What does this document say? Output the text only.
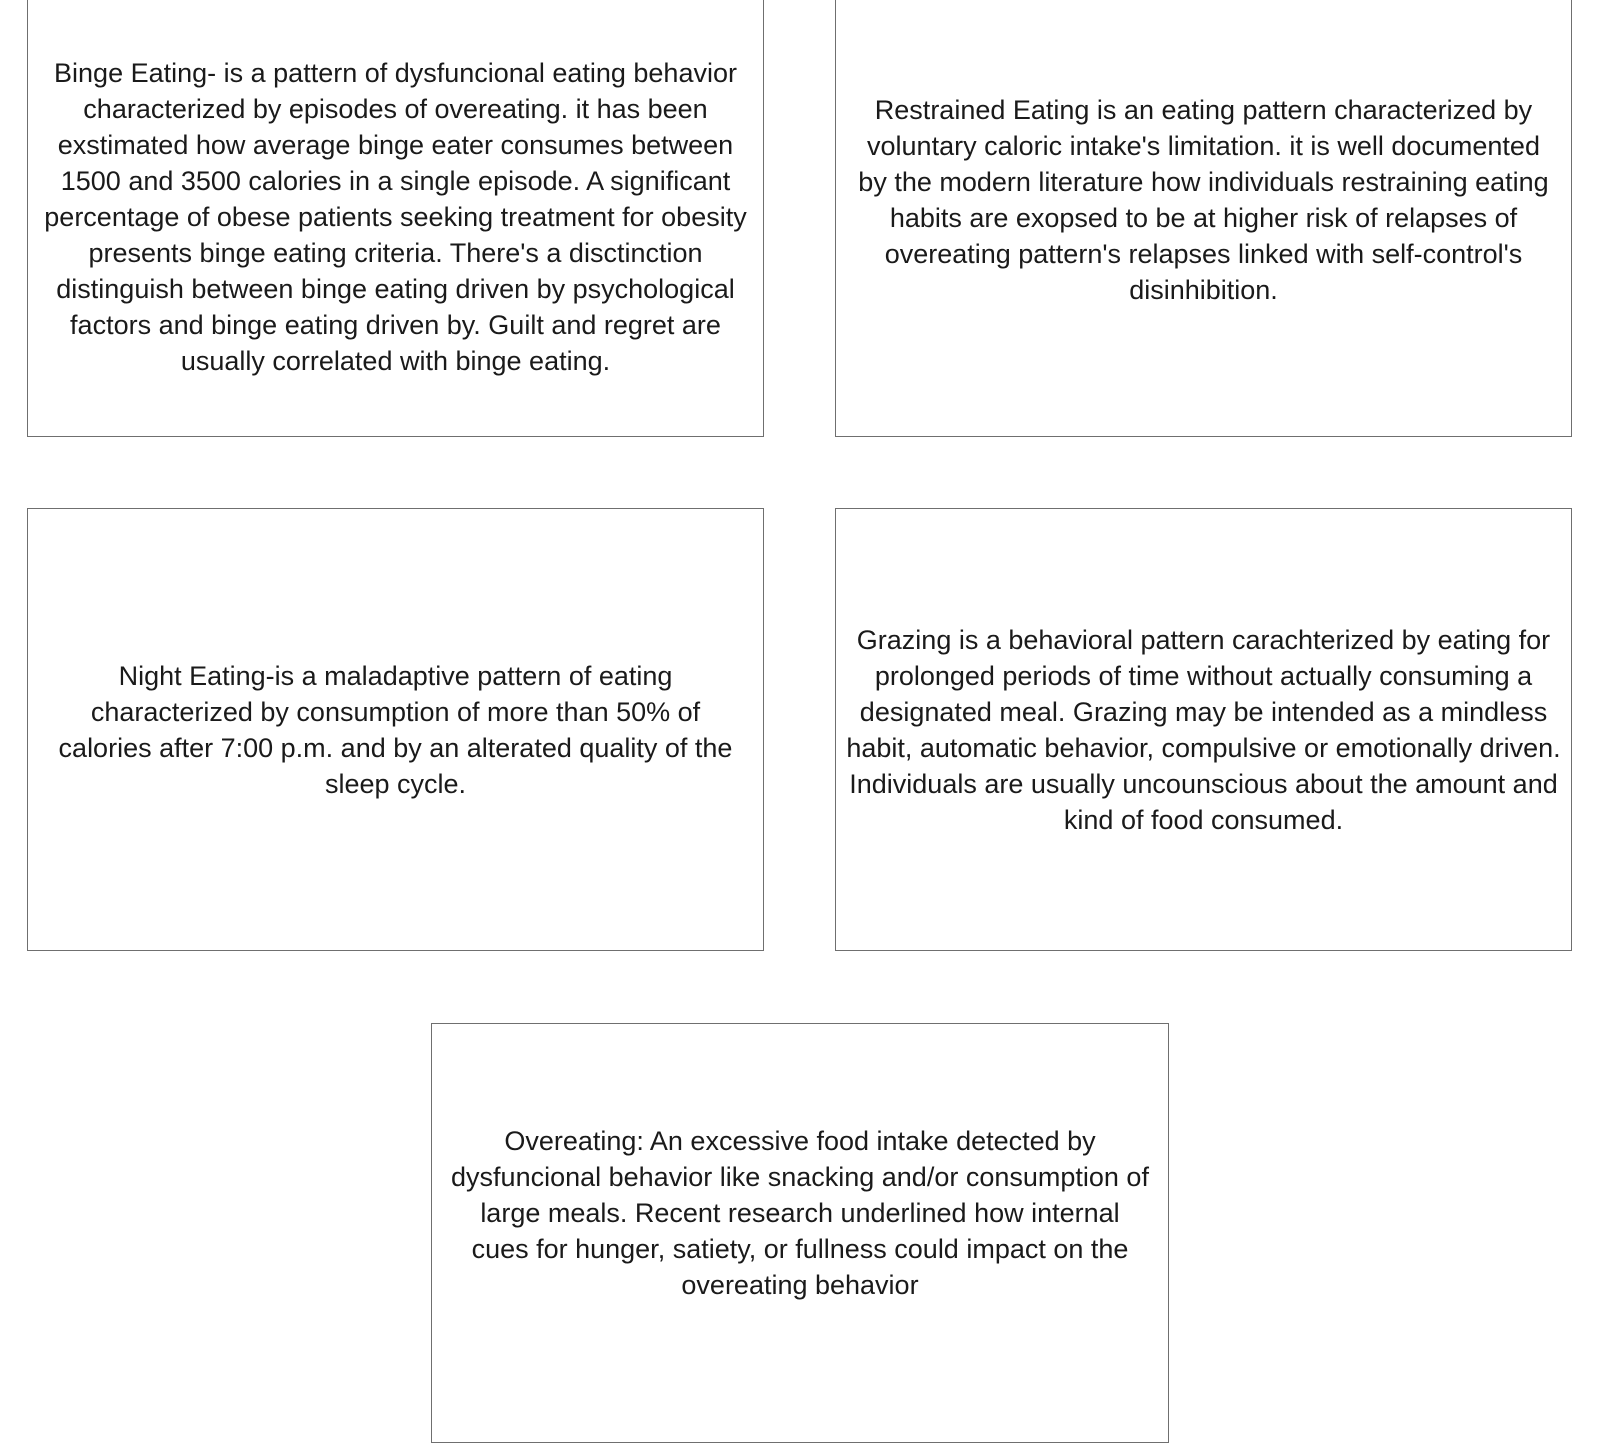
Binge Eating- is a pattern of dysfuncional eating behavior characterized by episodes of overeating. it has been exstimated how average binge eater consumes between 1500 and 3500 calories in a single episode. A significant percentage of obese patients seeking treatment for obesity presents binge eating criteria. There's a disctinction distinguish between binge eating driven by psychological factors and binge eating driven by. Guilt and regret are usually correlated with binge eating.

Restrained Eating is an eating pattern characterized by voluntary caloric intake's limitation. it is well documented by the modern literature how individuals restraining eating habits are exopsed to be at higher risk of relapses of overeating pattern's relapses linked with self-control's disinhibition.

Night Eating-is a maladaptive pattern of eating characterized by consumption of more than 50% of calories after 7:00 p.m. and by an alterated quality of the sleep cycle.

Grazing is a behavioral pattern carachterized by eating for prolonged periods of time without actually consuming a designated meal. Grazing may be intended as a mindless habit, automatic behavior, compulsive or emotionally driven. Individuals are usually uncounscious about the amount and kind of food consumed.

Overeating: An excessive food intake detected by dysfuncional behavior like snacking and/or consumption of large meals. Recent research underlined how internal cues for hunger, satiety, or fullness could impact on the overeating behavior
